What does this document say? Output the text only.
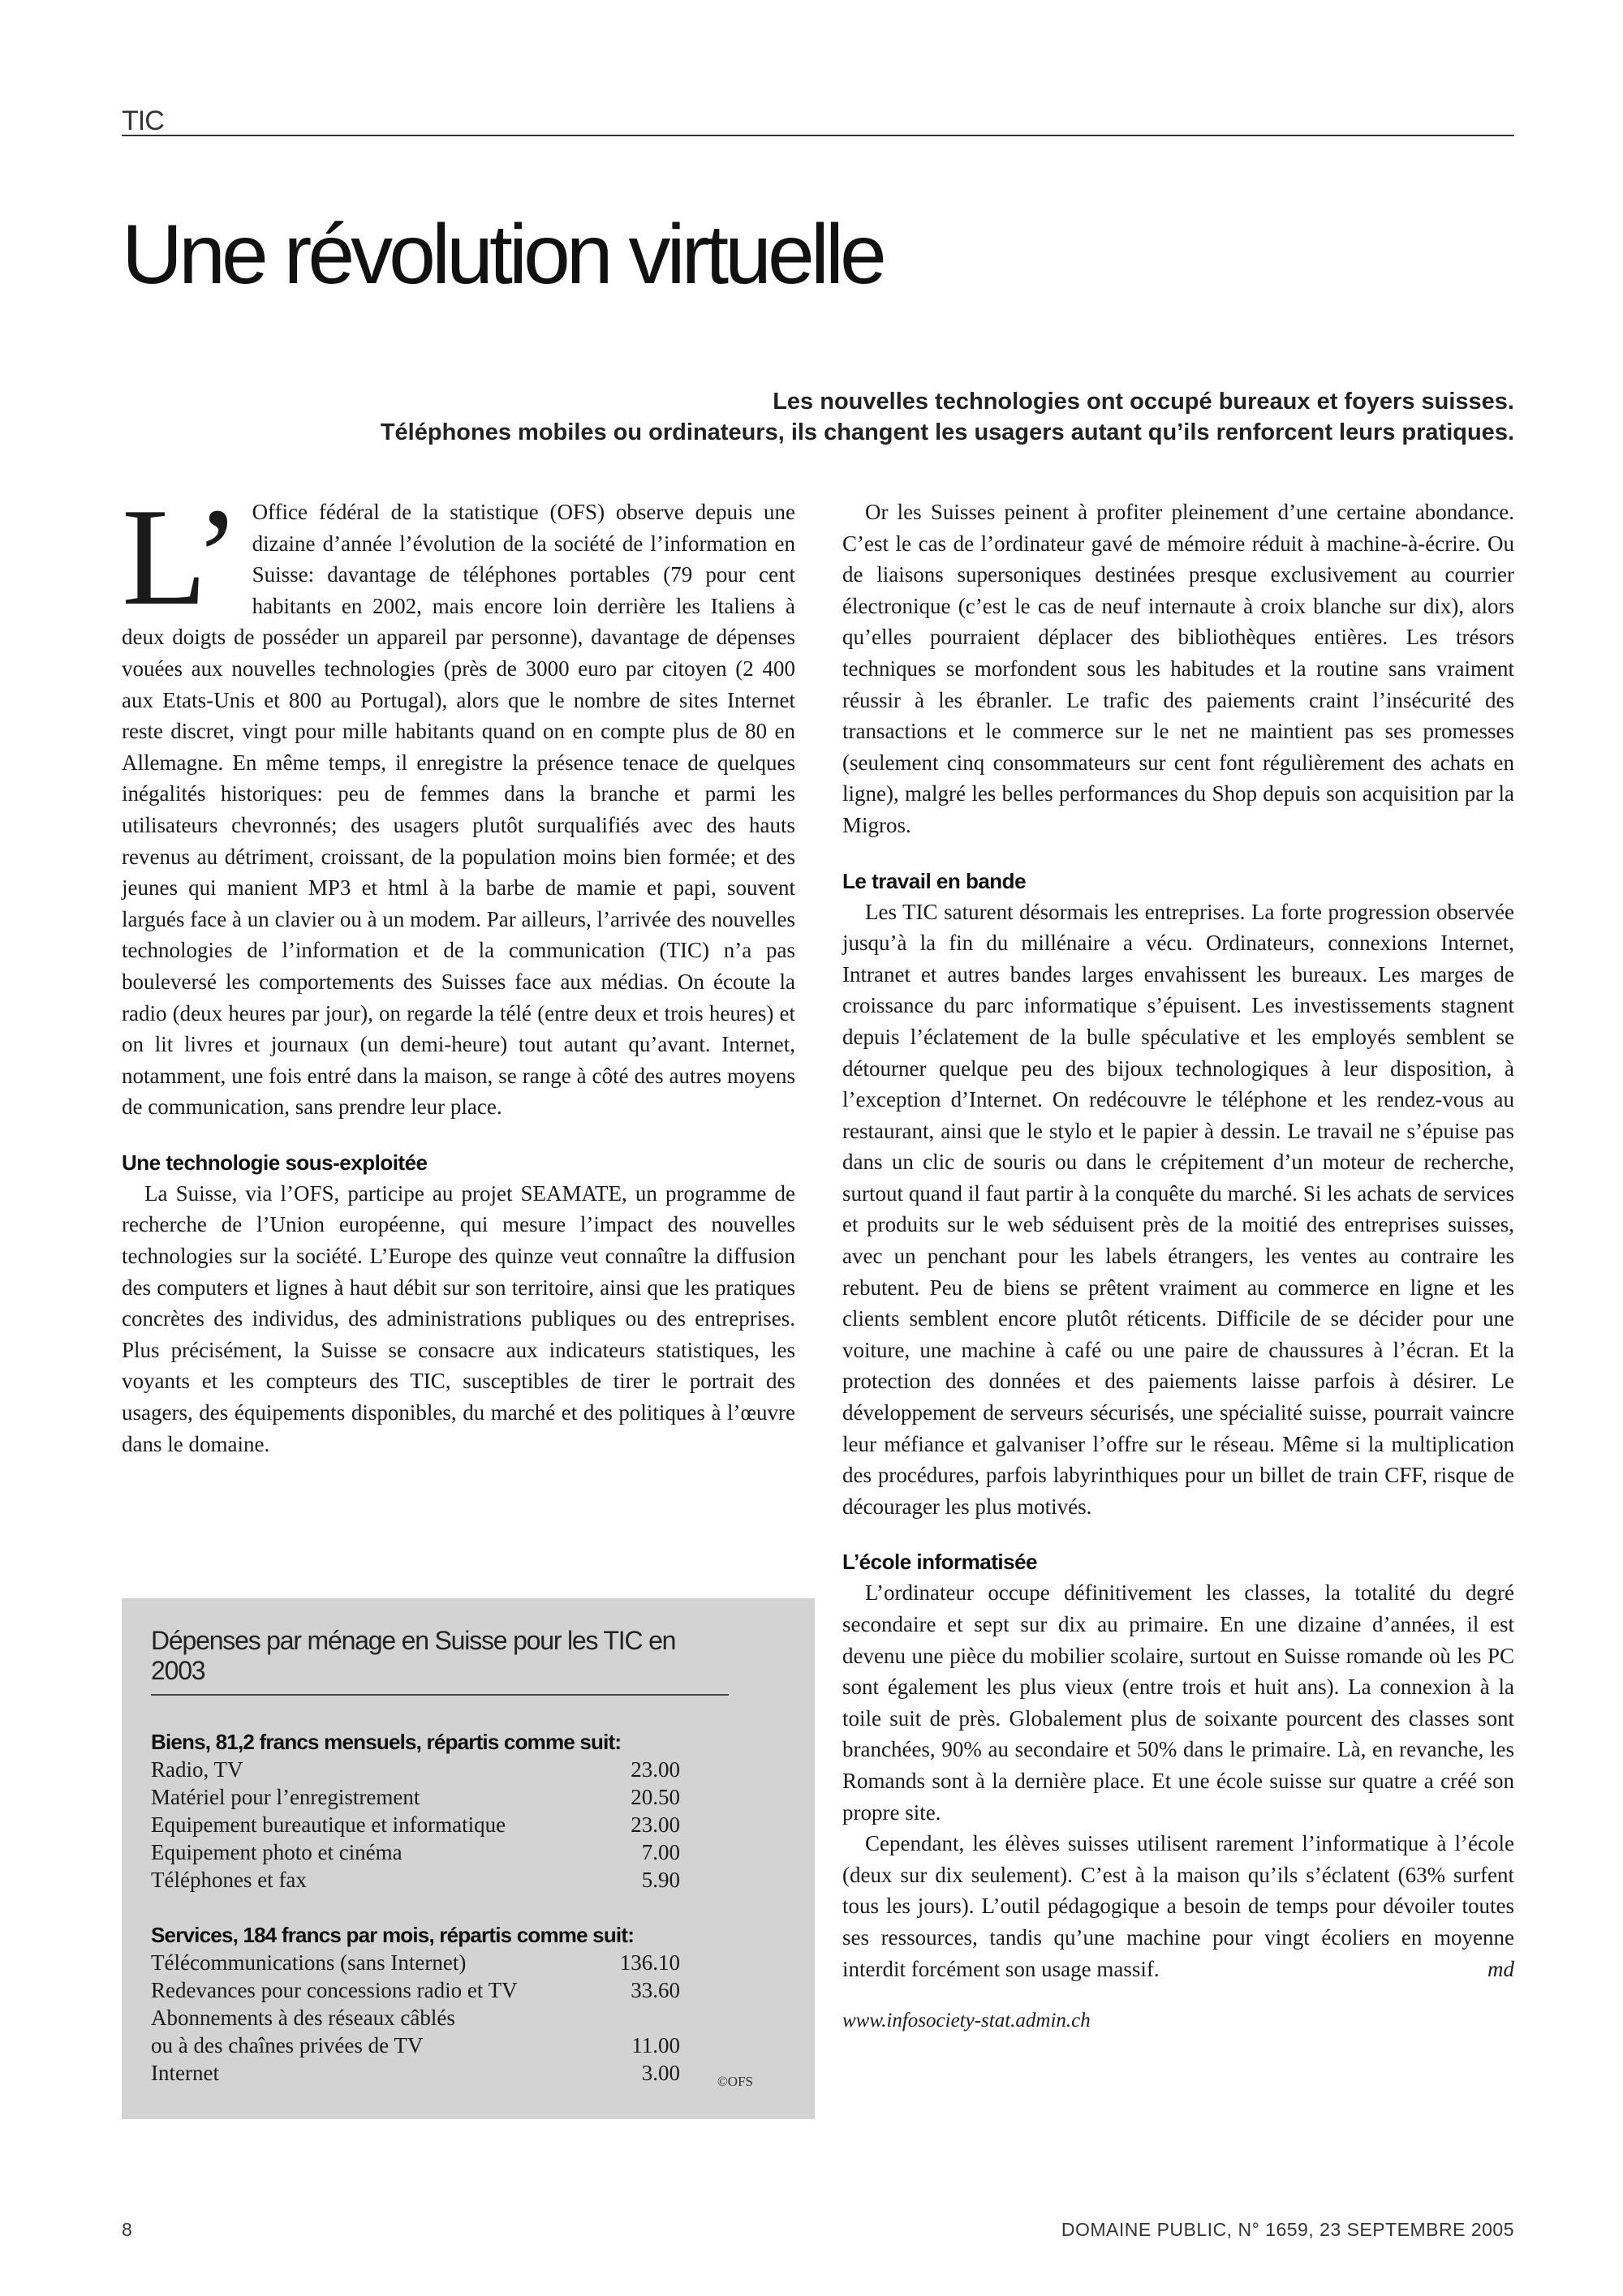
TIC
Une révolution virtuelle

Les nouvelles technologies ont occupé bureaux et foyers suisses.

Téléphones mobiles ou ordinateurs, ils changent les usagers autant qu’ils renforcent leurs pratiques.

L’ Office fédéral de la statistique (OFS) observe depuis une dizaine d’année l’évolution de la société de l’information en Suisse: davantage de téléphones portables (79 pour cent habitants en 2002, mais encore loin derrière les Italiens à deux doigts de posséder un appareil par personne), davantage de dépenses vouées aux nouvelles technologies (près de 3000 euro par citoyen (2 400 aux Etats-Unis et 800 au Portugal), alors que le nombre de sites Internet reste discret, vingt pour mille habitants quand on en compte plus de 80 en Allemagne. En même temps, il enregistre la présence tenace de quelques inégalités historiques: peu de femmes dans la branche et parmi les utilisateurs chevronnés; des usagers plutôt surqualifiés avec des hauts revenus au détriment, croissant, de la population moins bien formée; et des jeunes qui manient MP3 et html à la barbe de mamie et papi, souvent largués face à un clavier ou à un modem. Par ailleurs, l’arrivée des nouvelles technologies de l’information et de la communication (TIC) n’a pas bouleversé les comportements des Suisses face aux médias. On écoute la radio (deux heures par jour), on regarde la télé (entre deux et trois heures) et on lit livres et journaux (un demi-heure) tout autant qu’avant. Internet, notamment, une fois entré dans la maison, se range à côté des autres moyens de communication, sans prendre leur place.

Une technologie sous-exploitée

La Suisse, via l’OFS, participe au projet SEAMATE, un programme de recherche de l’Union européenne, qui mesure l’impact des nouvelles technologies sur la société. L’Europe des quinze veut connaître la diffusion des computers et lignes à haut débit sur son territoire, ainsi que les pratiques concrètes des individus, des administrations publiques ou des entreprises. Plus précisément, la Suisse se consacre aux indicateurs statistiques, les voyants et les compteurs des TIC, susceptibles de tirer le portrait des usagers, des équipements disponibles, du marché et des politiques à l’œuvre dans le domaine.

Dépenses par ménage en Suisse pour les TIC en 2003
Biens, 81,2 francs mensuels, répartis comme suit:
Radio, TV	23.00
Matériel pour l’enregistrement	20.50
Equipement bureautique et informatique	23.00
Equipement photo et cinéma	7.00
Téléphones et fax	5.90
Services, 184 francs par mois, répartis comme suit:
Télécommunications (sans Internet)	136.10
Redevances pour concessions radio et TV	33.60
Abonnements à des réseaux câblés
ou à des chaînes privées de TV	11.00
Internet	3.00	©OFS

Or les Suisses peinent à profiter pleinement d’une certaine abondance. C’est le cas de l’ordinateur gavé de mémoire réduit à machine-à-écrire. Ou de liaisons supersoniques destinées presque exclusivement au courrier électronique (c’est le cas de neuf internaute à croix blanche sur dix), alors qu’elles pourraient déplacer des bibliothèques entières. Les trésors techniques se morfondent sous les habitudes et la routine sans vraiment réussir à les ébranler. Le trafic des paiements craint l’insécurité des transactions et le commerce sur le net ne maintient pas ses promesses (seulement cinq consommateurs sur cent font régulièrement des achats en ligne), malgré les belles performances du Shop depuis son acquisition par la Migros.

Le travail en bande

Les TIC saturent désormais les entreprises. La forte progression observée jusqu’à la fin du millénaire a vécu. Ordinateurs, connexions Internet, Intranet et autres bandes larges envahissent les bureaux. Les marges de croissance du parc informatique s’épuisent. Les investissements stagnent depuis l’éclatement de la bulle spéculative et les employés semblent se détourner quelque peu des bijoux technologiques à leur disposition, à l’exception d’Internet. On redécouvre le téléphone et les rendez-vous au restaurant, ainsi que le stylo et le papier à dessin. Le travail ne s’épuise pas dans un clic de souris ou dans le crépitement d’un moteur de recherche, surtout quand il faut partir à la conquête du marché. Si les achats de services et produits sur le web séduisent près de la moitié des entreprises suisses, avec un penchant pour les labels étrangers, les ventes au contraire les rebutent. Peu de biens se prêtent vraiment au commerce en ligne et les clients semblent encore plutôt réticents. Difficile de se décider pour une voiture, une machine à café ou une paire de chaussures à l’écran. Et la protection des données et des paiements laisse parfois à désirer. Le développement de serveurs sécurisés, une spécialité suisse, pourrait vaincre leur méfiance et galvaniser l’offre sur le réseau. Même si la multiplication des procédures, parfois labyrinthiques pour un billet de train CFF, risque de décourager les plus motivés.

L’école informatisée

L’ordinateur occupe définitivement les classes, la totalité du degré secondaire et sept sur dix au primaire. En une dizaine d’années, il est devenu une pièce du mobilier scolaire, surtout en Suisse romande où les PC sont également les plus vieux (entre trois et huit ans). La connexion à la toile suit de près. Globalement plus de soixante pourcent des classes sont branchées, 90% au secondaire et 50% dans le primaire. Là, en revanche, les Romands sont à la dernière place. Et une école suisse sur quatre a créé son propre site.

Cependant, les élèves suisses utilisent rarement l’informatique à l’école (deux sur dix seulement). C’est à la maison qu’ils s’éclatent (63% surfent tous les jours). L’outil pédagogique a besoin de temps pour dévoiler toutes ses ressources, tandis qu’une machine pour vingt écoliers en moyenne interdit forcément son usage massif.	md

www.infosociety-stat.admin.ch

8	DOMAINE PUBLIC, N° 1659, 23 SEPTEMBRE 2005
